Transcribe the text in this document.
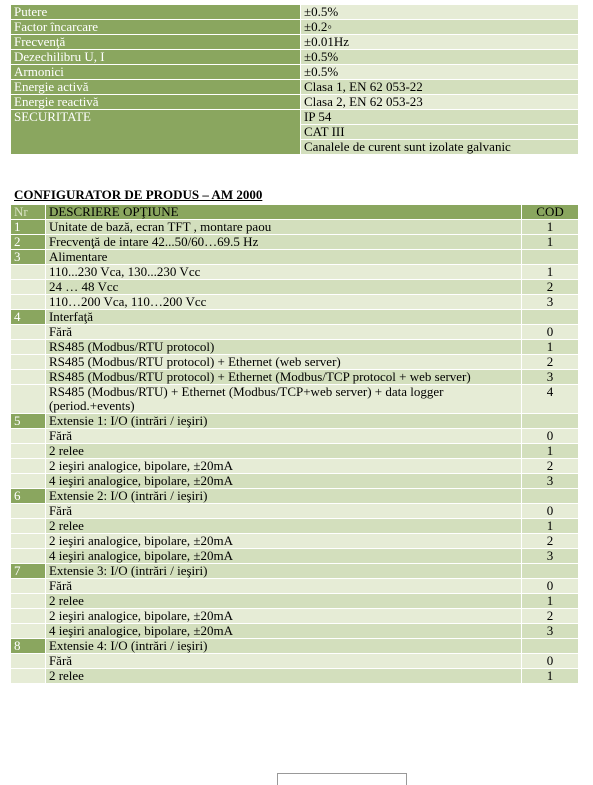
Putere	±0.5%
Factor încarcare	±0.2◦
Frecvenţă	±0.01Hz
Dezechilibru U, I	±0.5%
Armonici	±0.5%
Energie activă	Clasa 1, EN 62 053-22
Energie reactivă	Clasa 2, EN 62 053-23
SECURITATE	IP 54
	CAT III
	Canalele de curent sunt izolate galvanic
CONFIGURATOR DE PRODUS – AM 2000
Nr	DESCRIERE OPŢIUNE	COD
1	Unitate de bază, ecran TFT , montare paou	1
2	Frecvenţă de intare 42...50/60…69.5 Hz	1
3	Alimentare	
	110...230 Vca, 130...230 Vcc	1
	24 … 48 Vcc	2
	110…200 Vca, 110…200 Vcc	3
4	Interfaţă	
	Fără	0
	RS485 (Modbus/RTU protocol)	1
	RS485 (Modbus/RTU protocol) + Ethernet (web server)	2
	RS485 (Modbus/RTU protocol) + Ethernet (Modbus/TCP protocol + web server)	3
	RS485 (Modbus/RTU) + Ethernet (Modbus/TCP+web server) + data logger (period.+events)	4
5	Extensie 1: I/O (intrări / ieşiri)	
	Fără	0
	2 relee	1
	2 ieşiri analogice, bipolare, ±20mA	2
	4 ieşiri analogice, bipolare, ±20mA	3
6	Extensie 2: I/O (intrări / ieşiri)	
	Fără	0
	2 relee	1
	2 ieşiri analogice, bipolare, ±20mA	2
	4 ieşiri analogice, bipolare, ±20mA	3
7	Extensie 3: I/O (intrări / ieşiri)	
	Fără	0
	2 relee	1
	2 ieşiri analogice, bipolare, ±20mA	2
	4 ieşiri analogice, bipolare, ±20mA	3
8	Extensie 4: I/O (intrări / ieşiri)	
	Fără	0
	2 relee	1
